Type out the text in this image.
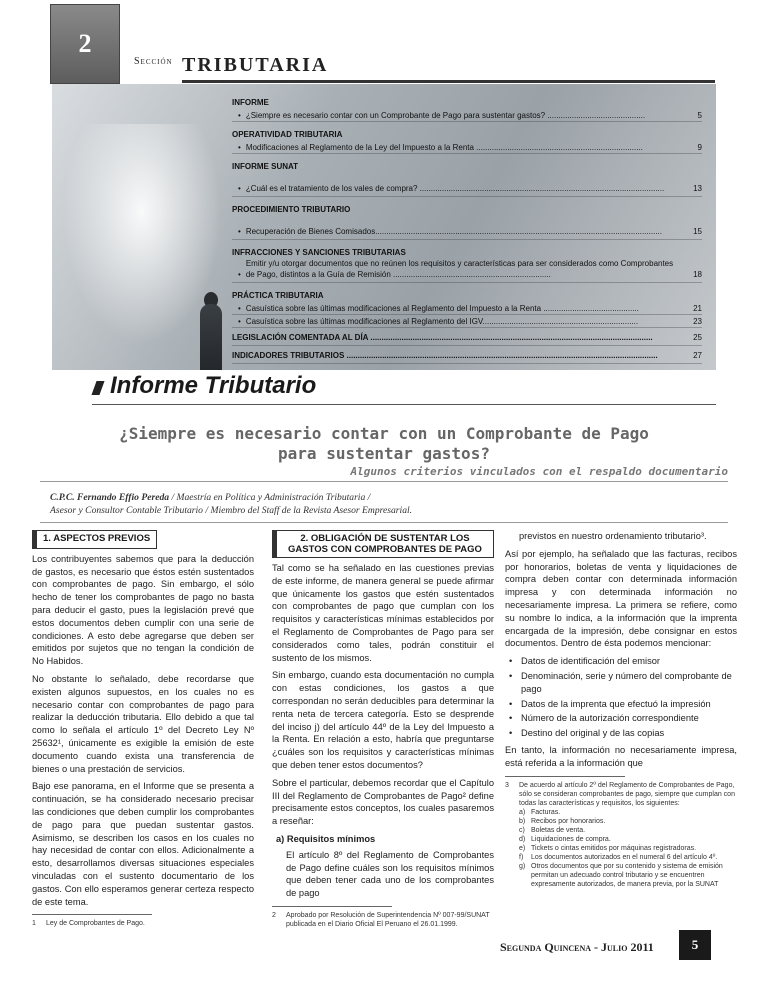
2
Sección TRIBUTARIA
INFORME
• ¿Siempre es necesario contar con un Comprobante de Pago para sustentar gastos? ............................................	5
OPERATIVIDAD TRIBUTARIA
• Modificaciones al Reglamento de la Ley del Impuesto a la Renta ...........................................................................	9
INFORME SUNAT
• ¿Cuál es el tratamiento de los vales de compra? ..............................................................................................................	13
PROCEDIMIENTO TRIBUTARIO
• Recuperación de Bienes Comisados.................................................................................................................................	15
INFRACCIONES Y SANCIONES TRIBUTARIAS
•
Emitir y/u otorgar documentos que no reúnen los requisitos y características para ser considerados como Comprobantes de Pago, distintos a la Guía de Remisión .......................................................................	18
PRÁCTICA TRIBUTARIA
• Casuística sobre las últimas modificaciones al Reglamento del Impuesto a la Renta ...........................................	21
• Casuística sobre las últimas modificaciones al Reglamento del IGV......................................................................	23
LEGISLACIÓN COMENTADA AL DÍA ...............................................................................................................................	25
INDICADORES TRIBUTARIOS ............................................................................................................................................	27
Informe Tributario
¿Siempre es necesario contar con un Comprobante de Pago
para sustentar gastos?
Algunos criterios vinculados con el respaldo documentario
C.P.C. Fernando Effio Pereda / Maestría en Política y Administración Tributaria /
Asesor y Consultor Contable Tributario / Miembro del Staff de la Revista Asesor Empresarial.
1. ASPECTOS PREVIOS

Los contribuyentes sabemos que para la deducción de gastos, es necesario que éstos estén sustentados con comprobantes de pago. Sin embargo, el sólo hecho de tener los comprobantes de pago no basta para deducir el gasto, pues la legislación prevé que estos documentos deben cumplir con una serie de condiciones. A esto debe agregarse que deben ser emitidos por sujetos que no tengan la condición de No Habidos.

No obstante lo señalado, debe recordarse que existen algunos supuestos, en los cuales no es necesario contar con comprobantes de pago para realizar la deducción tributaria. Ello debido a que tal como lo señala el artículo 1º del Decreto Ley Nº 25632¹, únicamente es exigible la emisión de este documento cuando exista una transferencia de bienes o una prestación de servicios.

Bajo ese panorama, en el Informe que se presenta a continuación, se ha considerado necesario precisar las condiciones que deben cumplir los comprobantes de pago para que puedan sustentar gastos. Asimismo, se describen los casos en los cuales no hay necesidad de contar con ellos. Adicionalmente a esto, desarrollamos diversas situaciones especiales vinculadas con el sustento documentario de los gastos. Con ello esperamos generar certeza respecto de este tema.

1	Ley de Comprobantes de Pago.
2. OBLIGACIÓN DE SUSTENTAR LOS GASTOS CON COMPROBANTES DE PAGO

Tal como se ha señalado en las cuestiones previas de este informe, de manera general se puede afirmar que únicamente los gastos que estén sustentados con comprobantes de pago que cumplan con los requisitos y características mínimas establecidos por el Reglamento de Comprobantes de Pago para ser considerados como tales, podrán constituir el sustento de los mismos.

Sin embargo, cuando esta documentación no cumpla con estas condiciones, los gastos a que correspondan no serán deducibles para determinar la renta neta de tercera categoría. Esto se desprende del inciso j) del artículo 44º de la Ley del Impuesto a la Renta. En relación a esto, habría que preguntarse ¿cuáles son los requisitos y características mínimas que deben tener estos documentos?

Sobre el particular, debemos recordar que el Capítulo III del Reglamento de Comprobantes de Pago² define precisamente estos conceptos, los cuales pasaremos a reseñar:

a) Requisitos mínimos

El artículo 8º del Reglamento de Comprobantes de Pago define cuáles son los requisitos mínimos que deben tener cada uno de los comprobantes de pago

2	Aprobado por Resolución de Superintendencia Nº 007-99/SUNAT publicada en el Diario Oficial El Peruano el 26.01.1999.

previstos en nuestro ordenamiento tributario³.

Así por ejemplo, ha señalado que las facturas, recibos por honorarios, boletas de venta y liquidaciones de compra deben contar con determinada información impresa y con determinada información no necesariamente impresa. La primera se refiere, como su nombre lo indica, a la información que la imprenta encargada de la impresión, debe consignar en estos documentos. Dentro de ésta podemos mencionar:

• Datos de identificación del emisor
• Denominación, serie y número del comprobante de pago
• Datos de la imprenta que efectuó la impresión
• Número de la autorización correspondiente
• Destino del original y de las copias

En tanto, la información no necesariamente impresa, está referida a la información que

3	De acuerdo al artículo 2º del Reglamento de Comprobantes de Pago, sólo se consideran comprobantes de pago, siempre que cumplan con todas las características y requisitos, los siguientes:
a) Facturas.
b) Recibos por honorarios.
c) Boletas de venta.
d) Liquidaciones de compra.
e) Tickets o cintas emitidos por máquinas registradoras.
f)	Los documentos autorizados en el numeral 6 del artículo 4º.
g) Otros documentos que por su contenido y sistema de emisión permitan un adecuado control tributario y se encuentren expresamente autorizados, de manera previa, por la SUNAT
Segunda Quincena - Julio 2011	5
